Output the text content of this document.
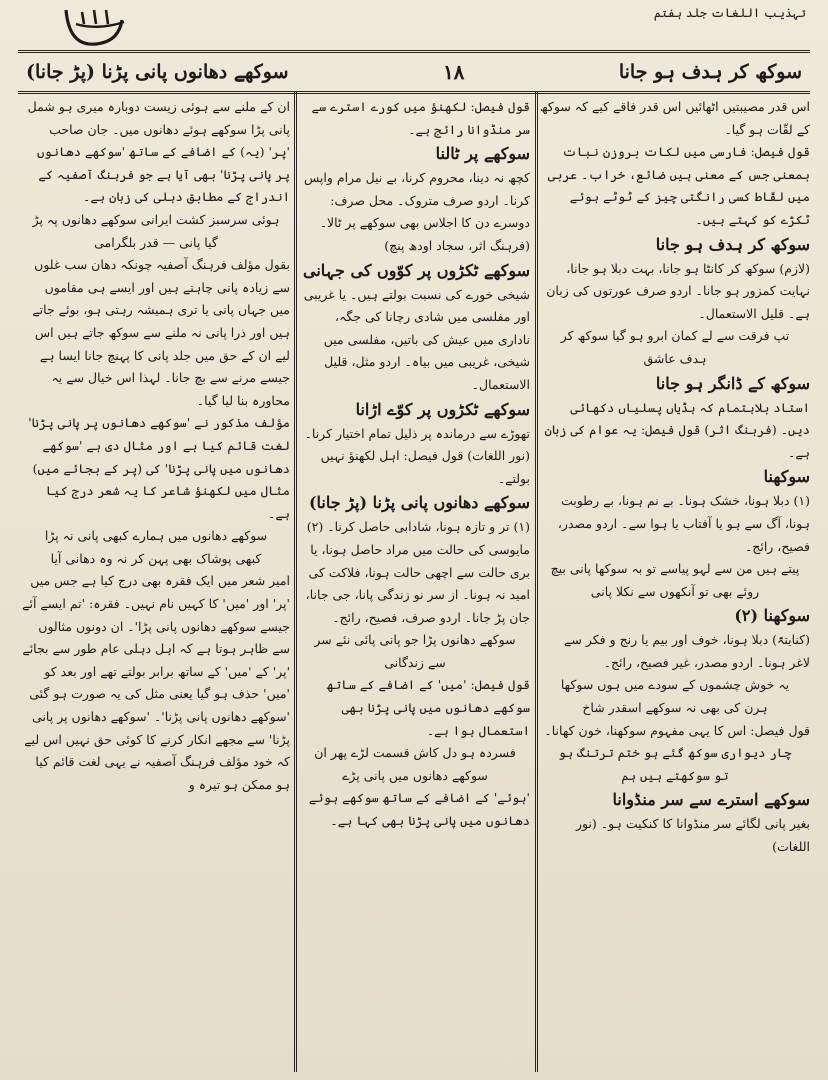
تہذیب اللغات جلد ہفتم
سوکھ کر ہدف ہو جانا
١٨
سوکھے دھانوں پانی پڑنا (پڑ جانا)

اس قدر مصیبتیں اٹھائیں اس قدر فاقے کیے کہ سوکھ کے لقّات ہو گیا۔

قول فیصل: فارسی میں لکات بروزن نبات بمعنی جس کے معنی ہیں ضائع، خراب۔ عربی میں لقّاط کسی رانگتی چیز کے ٹوٹے ہوئے ٹکڑے کو کہتے ہیں۔

سوکھ کر ہدف ہو جانا

(لازم) سوکھ کر کانٹا ہو جانا، بہت دبلا ہو جانا، نہایت کمزور ہو جانا۔ اردو صرف عورتوں کی زبان ہے۔ قلیل الاستعمال۔

تپ فرقت سے لے کمان ابرو ہو گیا سوکھ کر ہدف عاشق

سوکھ کے ڈانگر ہو جانا

استاد بلاہتمام کہ ہڈیاں پسلیاں دکھائی دیں۔ (فرہنگ اثر) قول فیصل: یہ عوام کی زبان ہے۔

سوکھنا

(۱) دبلا ہونا، خشک ہونا۔ بے نم ہونا، بے رطوبت ہونا، آگ سے ہو یا آفتاب یا ہوا سے۔ اردو مصدر، فصیح، رائج۔

پیتے ہیں من سے لہو پیاسے تو بہ سوکھا پانی بیچ روئے بھی تو آنکھوں سے نکلا پانی

سوکھنا (۲)

(کنایتۃً) دبلا ہونا، خوف اور بیم یا رنج و فکر سے لاغر ہونا۔ اردو مصدر، غیر فصیح، رائج۔

یہ خوش چشموں کے سودے میں ہوں سوکھا ہرن کی بھی نہ سوکھے اسقدر شاخ

قول فیصل: اس کا یہی مفہوم سوکھنا، خون کھانا۔

چار دیواری سوکھ گئے ہو ختم ترتنگ ہو تو سوکھتے ہیں ہم

سوکھے استرے سے سر منڈوانا

بغیر پانی لگائے سر منڈوانا کا کنکیت ہو۔ (نور اللغات)

قول فیصل: لکھنؤ میں کورے استرے سے سر منڈوانا رائج ہے۔

سوکھے پر ٹالنا

کچھ نہ دینا، محروم کرنا، بے نیل مرام واپس کرنا۔ اردو صرف متروک۔ محل صرف: دوسرے دن کا اجلاس بھی سوکھے پر ٹالا۔ (فرہنگ اثر، سجاد اودھ پنچ)

سوکھے ٹکڑوں پر کوّوں کی جہانی

شیخی خورے کی نسبت بولتے ہیں۔ یا غریبی اور مفلسی میں شادی رچانا کی جگہ، ناداری میں عیش کی باتیں، مفلسی میں شیخی، غریبی میں بیاہ۔ اردو مثل، قلیل الاستعمال۔

سوکھے ٹکڑوں پر کوّے اڑانا

تھوڑے سے درماندہ پر ذلیل تمام اختیار کرنا۔ (نور اللغات) قول فیصل: اہل لکھنؤ نہیں بولتے۔

سوکھے دھانوں پانی پڑنا (پڑ جانا)

(۱) تر و تازہ ہونا، شادابی حاصل کرنا۔ (۲) مایوسی کی حالت میں مراد حاصل ہونا، یا بری حالت سے اچھی حالت ہونا، فلاکت کی امید نہ ہونا۔ از سر نو زندگی پانا، جی جانا، جان پڑ جانا۔ اردو صرف، فصیح، رائج۔

سوکھے دھانوں پڑا جو پانی پائی نئے سر سے زندگانی

قول فیصل: 'میں' کے اضافے کے ساتھ سوکھے دھانوں میں پانی پڑنا بھی استعمال ہوا ہے۔

فسردہ ہو دل کاش قسمت لڑے پھر ان سوکھے دھانوں میں پانی پڑے

'ہوئے' کے اضافے کے ساتھ سوکھے ہوئے دھانوں میں پانی پڑنا بھی کہا ہے۔

ان کے ملنے سے ہوئی زیست دوبارہ میری ہو شمل پانی پڑا سوکھے ہوئے دھانوں میں۔ جان صاحب

'پر' (یہ) کے اضافے کے ساتھ 'سوکھے دھانوں پر پانی پڑنا' بھی آیا ہے جو فرہنگ آصفیہ کے اندراج کے مطابق دہلی کی زبان ہے۔

ہوئی سرسبز کشت ایرانی سوکھے دھانوں پہ پڑ گیا پانی — قدر بلگرامی

بقول مؤلف فرہنگ آصفیہ چونکہ دھان سب غلوں سے زیادہ پانی چاہتے ہیں اور ایسے ہی مقاموں میں جہاں پانی یا تری ہمیشہ رہتی ہو، بوئے جاتے ہیں اور ذرا پانی نہ ملنے سے سوکھ جاتے ہیں اس لیے ان کے حق میں جلد پانی کا پہنچ جانا ایسا ہے جیسے مرنے سے بچ جانا۔ لہذا اس خیال سے یہ محاورہ بنا لیا گیا۔

مؤلف مذکور نے 'سوکھے دھانوں پر پانی پڑنا' لغت قائم کیا ہے اور مثال دی ہے 'سوکھے دھانوں میں پانی پڑنا' کی (پر کے بجائے میں) مثال میں لکھنؤ شاعر کا یہ شعر درج کیا ہے۔

سوکھے دھانوں میں ہمارے کبھی پانی نہ پڑا کبھی پوشاک بھی پہن کر نہ وہ دھانی آیا

امیر شعر میں ایک فقرہ بھی درج کیا ہے جس میں 'پر' اور 'میں' کا کہیں نام نہیں۔ فقرہ: 'تم ایسے آئے جیسے سوکھے دھانوں پانی پڑا'۔ ان دونوں مثالوں سے ظاہر ہوتا ہے کہ اہل دہلی عام طور سے بجائے 'پر' کے 'میں' کے ساتھ برابر بولتے تھے اور بعد کو 'میں' حذف ہو گیا یعنی مثل کی یہ صورت ہو گئی 'سوکھے دھانوں پانی پڑنا'۔ 'سوکھے دھانوں پر پانی پڑنا' سے مجھے انکار کرنے کا کوئی حق نہیں اس لیے کہ خود مؤلف فرہنگ آصفیہ نے یہی لغت قائم کیا ہو ممکن ہو تیرہ و
